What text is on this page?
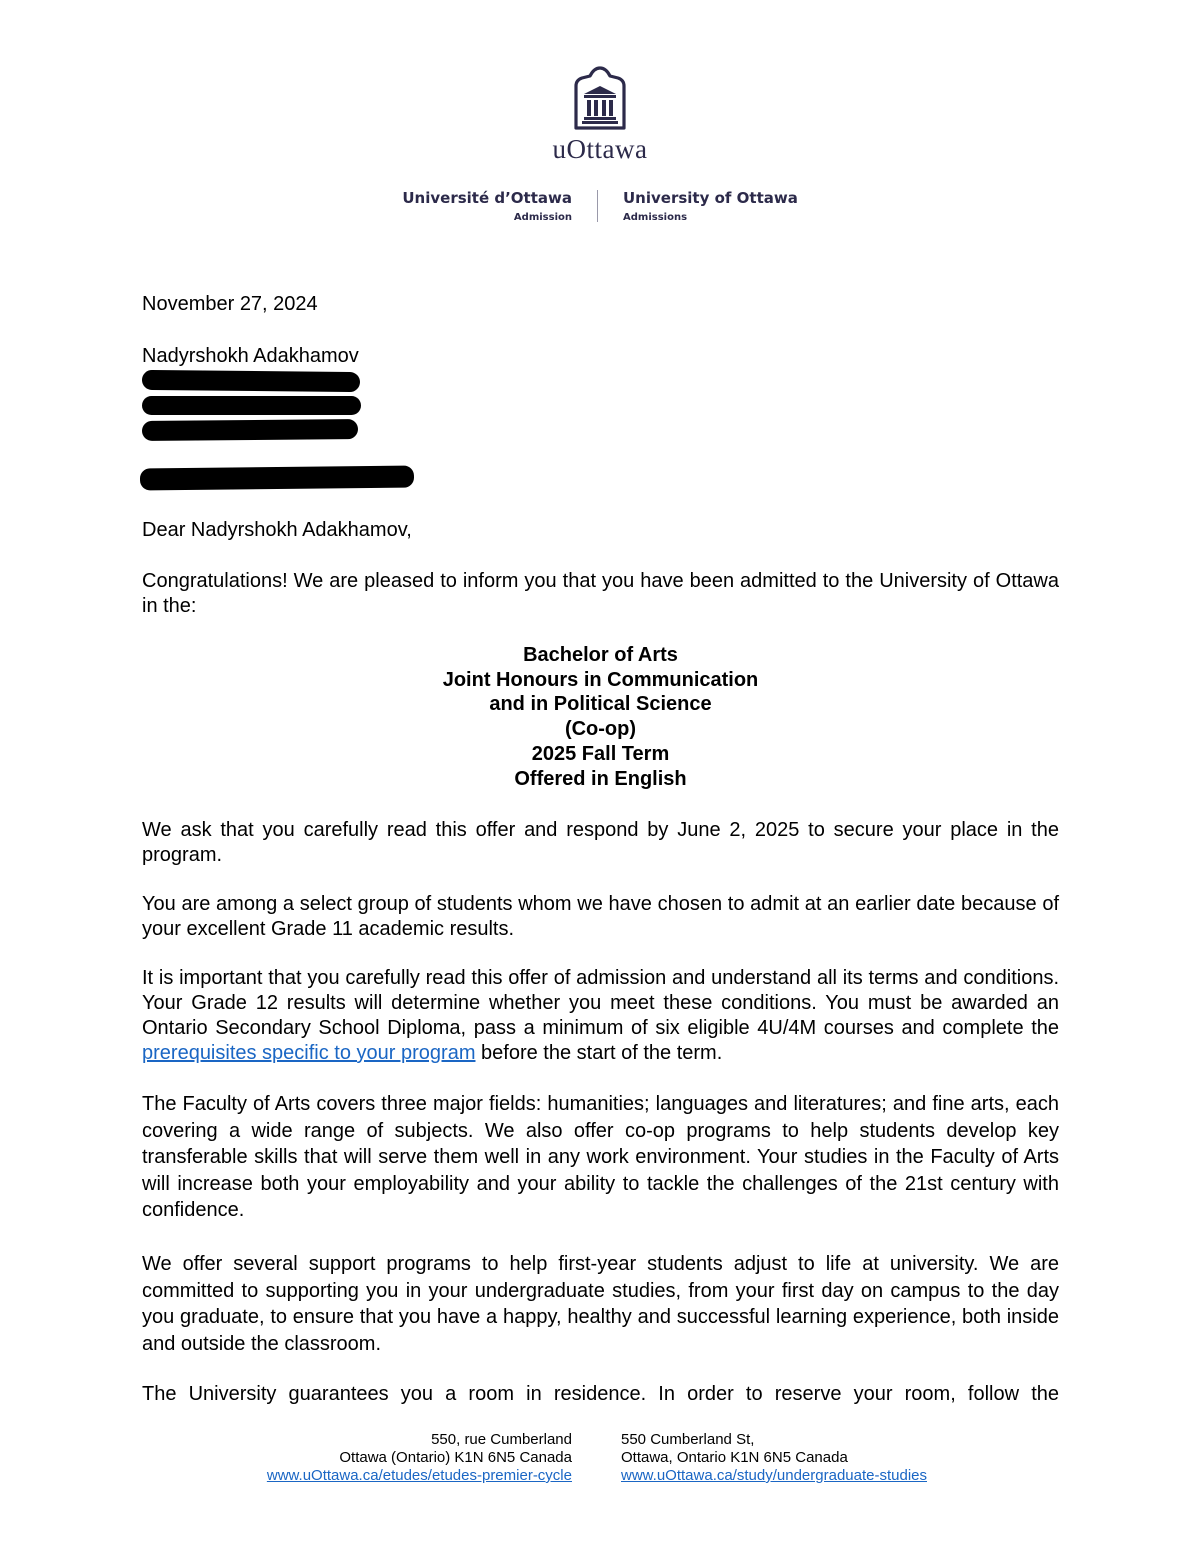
uOttawa
Université d’Ottawa
Admission
University of Ottawa
Admissions

November 27, 2024

Nadyrshokh Adakhamov

Dear Nadyrshokh Adakhamov,

Congratulations! We are pleased to inform you that you have been admitted to the University of Ottawa in the:

Bachelor of Arts
Joint Honours in Communication
and in Political Science
(Co-op)
2025 Fall Term
Offered in English

We ask that you carefully read this offer and respond by June 2, 2025 to secure your place in the program.

You are among a select group of students whom we have chosen to admit at an earlier date because of your excellent Grade 11 academic results.

It is important that you carefully read this offer of admission and understand all its terms and conditions. Your Grade 12 results will determine whether you meet these conditions. You must be awarded an Ontario Secondary School Diploma, pass a minimum of six eligible 4U/4M courses and complete the prerequisites specific to your program before the start of the term.

The Faculty of Arts covers three major fields: humanities; languages and literatures; and fine arts, each covering a wide range of subjects. We also offer co-op programs to help students develop key transferable skills that will serve them well in any work environment. Your studies in the Faculty of Arts will increase both your employability and your ability to tackle the challenges of the 21st century with confidence.

We offer several support programs to help first-year students adjust to life at university. We are committed to supporting you in your undergraduate studies, from your first day on campus to the day you graduate, to ensure that you have a happy, healthy and successful learning experience, both inside and outside the classroom.

The University guarantees you a room in residence. In order to reserve your room, follow the

550, rue Cumberland
Ottawa (Ontario) K1N 6N5 Canada
www.uOttawa.ca/etudes/etudes-premier-cycle
550 Cumberland St,
Ottawa, Ontario K1N 6N5 Canada
www.uOttawa.ca/study/undergraduate-studies
